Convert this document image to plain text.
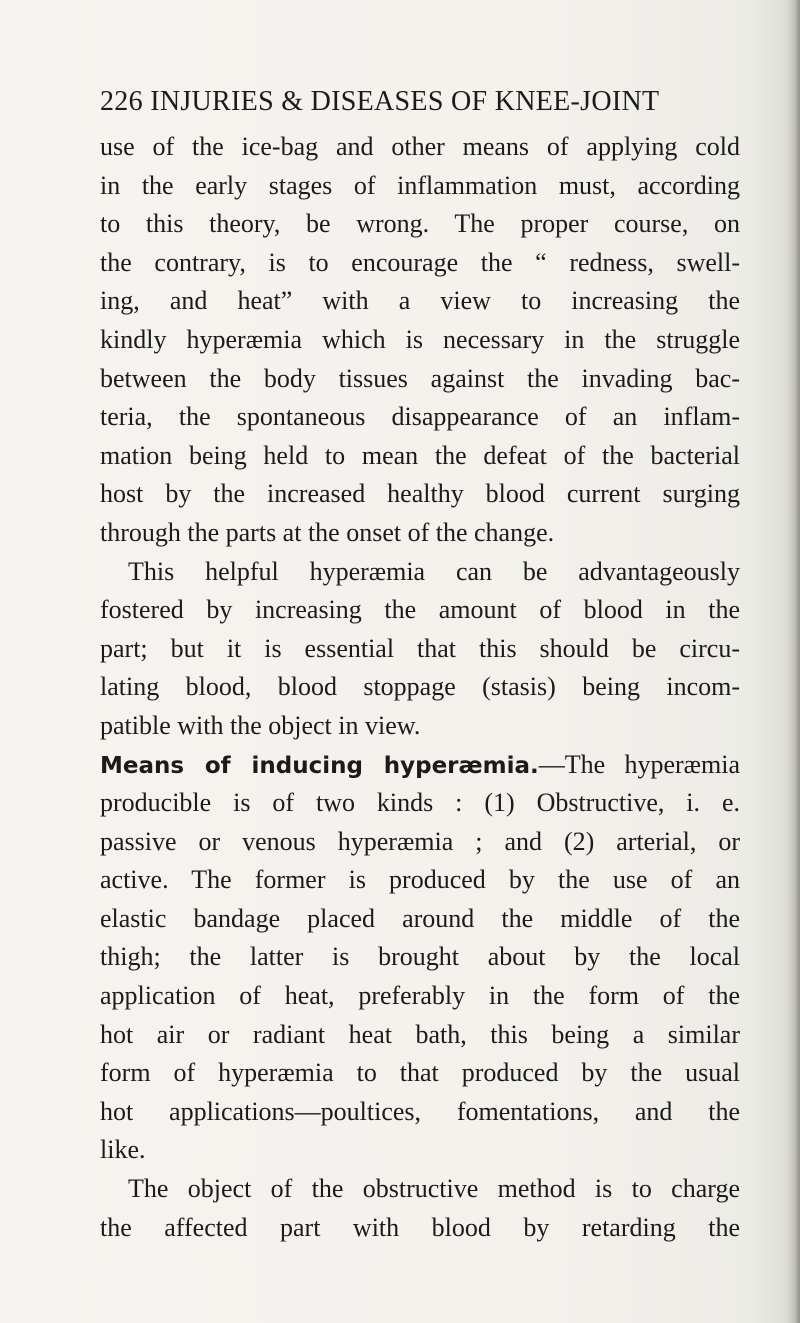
226 INJURIES & DISEASES OF KNEE-JOINT
use of the ice-bag and other means of applying cold
in the early stages of inflammation must, according
to this theory, be wrong. The proper course, on
the contrary, is to encourage the “ redness, swell-
ing, and heat” with a view to increasing the
kindly hyperæmia which is necessary in the struggle
between the body tissues against the invading bac-
teria, the spontaneous disappearance of an inflam-
mation being held to mean the defeat of the bacterial
host by the increased healthy blood current surging
through the parts at the onset of the change.
This helpful hyperæmia can be advantageously
fostered by increasing the amount of blood in the
part; but it is essential that this should be circu-
lating blood, blood stoppage (stasis) being incom-
patible with the object in view.
Means of inducing hyperæmia.—The hyperæmia
producible is of two kinds : (1) Obstructive, i. e.
passive or venous hyperæmia ; and (2) arterial, or
active. The former is produced by the use of an
elastic bandage placed around the middle of the
thigh; the latter is brought about by the local
application of heat, preferably in the form of the
hot air or radiant heat bath, this being a similar
form of hyperæmia to that produced by the usual
hot applications—poultices, fomentations, and the
like.
The object of the obstructive method is to charge
the affected part with blood by retarding the
